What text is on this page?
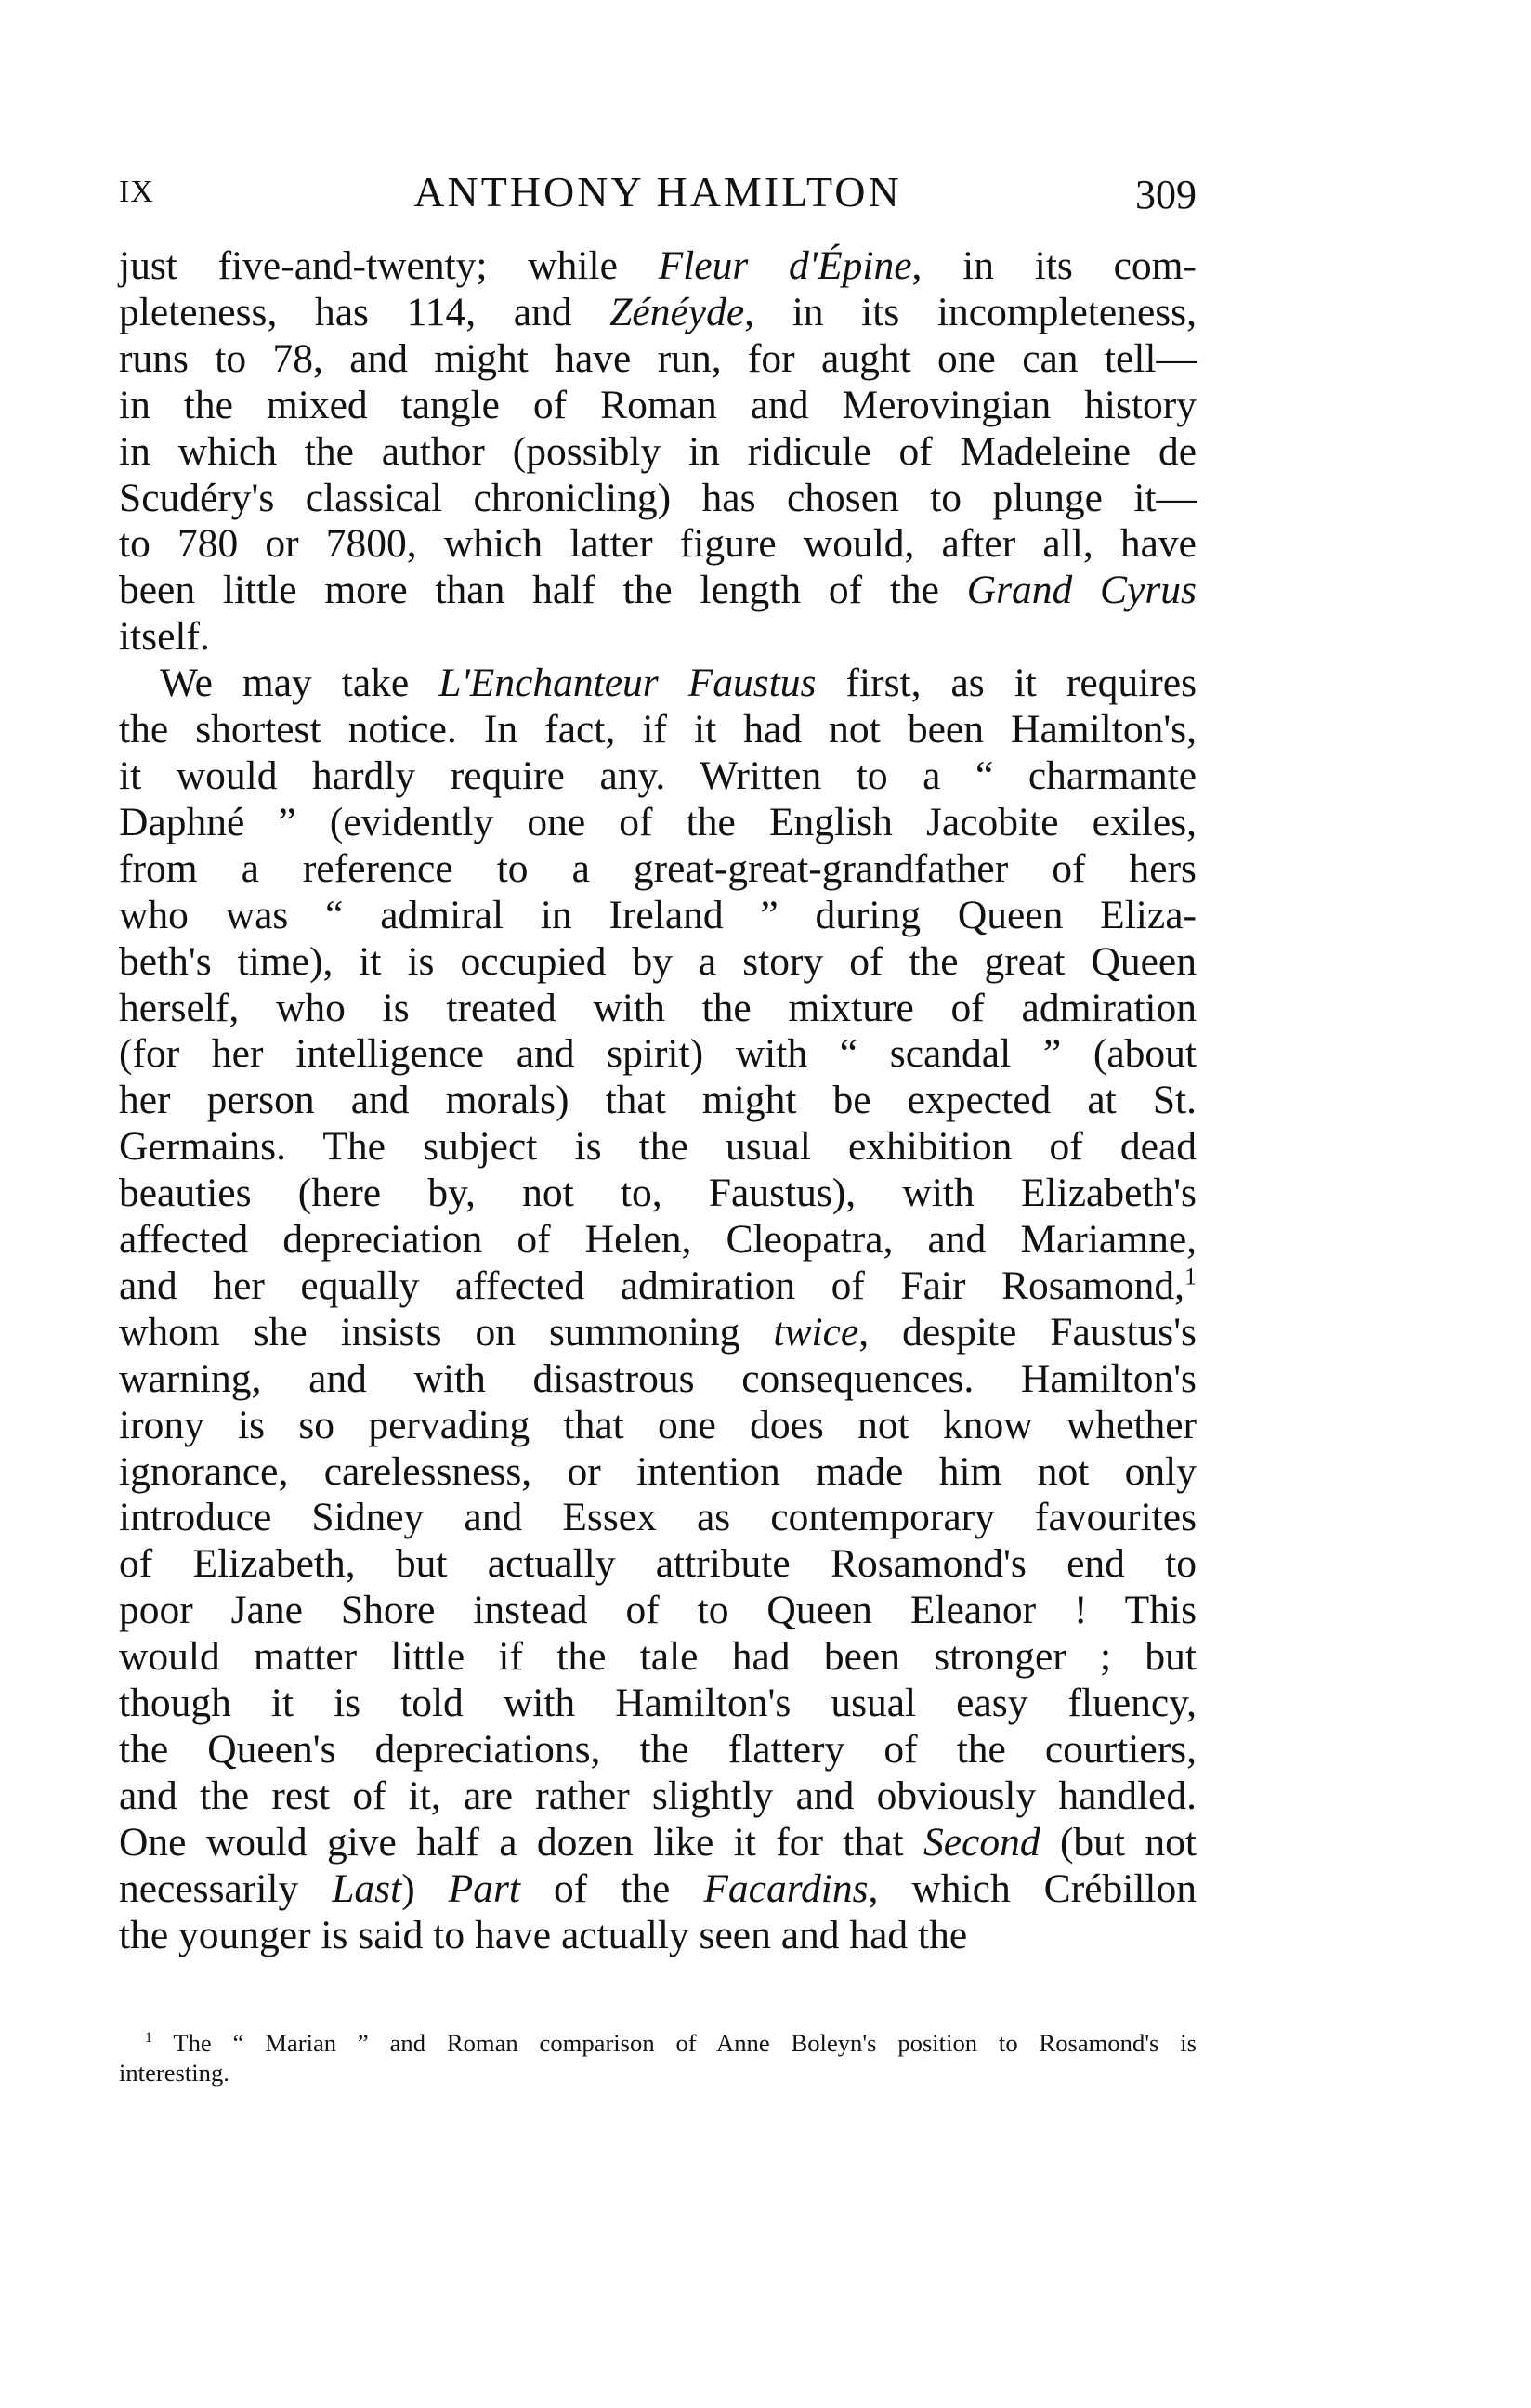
IX	ANTHONY HAMILTON	309
just five-and-twenty; while Fleur d'Épine, in its com-
pleteness, has 114, and Zénéyde, in its incompleteness,
runs to 78, and might have run, for aught one can tell—
in the mixed tangle of Roman and Merovingian history
in which the author (possibly in ridicule of Madeleine de
Scudéry's classical chronicling) has chosen to plunge it—
to 780 or 7800, which latter figure would, after all, have
been little more than half the length of the Grand Cyrus
itself.
We may take L'Enchanteur Faustus first, as it requires
the shortest notice. In fact, if it had not been Hamilton's,
it would hardly require any. Written to a “ charmante
Daphné ” (evidently one of the English Jacobite exiles,
from a reference to a great-great-grandfather of hers
who was “ admiral in Ireland ” during Queen Eliza-
beth's time), it is occupied by a story of the great Queen
herself, who is treated with the mixture of admiration
(for her intelligence and spirit) with “ scandal ” (about
her person and morals) that might be expected at St.
Germains. The subject is the usual exhibition of dead
beauties (here by, not to, Faustus), with Elizabeth's
affected depreciation of Helen, Cleopatra, and Mariamne,
and her equally affected admiration of Fair Rosamond,$^1$
whom she insists on summoning twice, despite Faustus's
warning, and with disastrous consequences. Hamilton's
irony is so pervading that one does not know whether
ignorance, carelessness, or intention made him not only
introduce Sidney and Essex as contemporary favourites
of Elizabeth, but actually attribute Rosamond's end to
poor Jane Shore instead of to Queen Eleanor ! This
would matter little if the tale had been stronger ; but
though it is told with Hamilton's usual easy fluency,
the Queen's depreciations, the flattery of the courtiers,
and the rest of it, are rather slightly and obviously handled.
One would give half a dozen like it for that Second (but not
necessarily Last) Part of the Facardins, which Crébillon
the younger is said to have actually seen and had the
$^1$ The “ Marian ” and Roman comparison of Anne Boleyn's position to Rosamond's is
interesting.
